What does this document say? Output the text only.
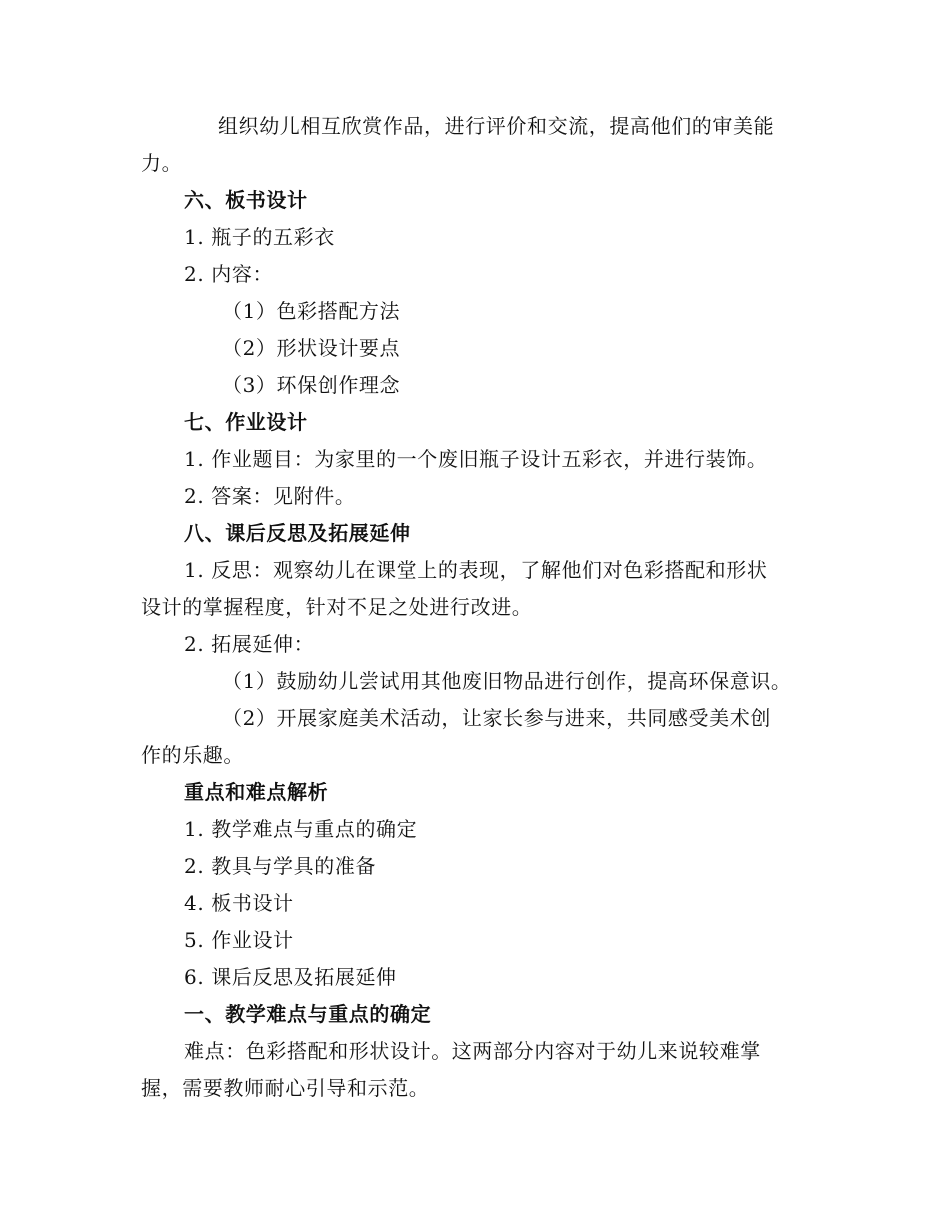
组织幼儿相互欣赏作品，进行评价和交流，提高他们的审美能
力。
六、板书设计
1. 瓶子的五彩衣
2. 内容：
（1）色彩搭配方法
（2）形状设计要点
（3）环保创作理念
七、作业设计
1. 作业题目：为家里的一个废旧瓶子设计五彩衣，并进行装饰。
2. 答案：见附件。
八、课后反思及拓展延伸
1. 反思：观察幼儿在课堂上的表现，了解他们对色彩搭配和形状
设计的掌握程度，针对不足之处进行改进。
2. 拓展延伸：
（1）鼓励幼儿尝试用其他废旧物品进行创作，提高环保意识。
（2）开展家庭美术活动，让家长参与进来，共同感受美术创
作的乐趣。
重点和难点解析
1. 教学难点与重点的确定
2. 教具与学具的准备
4. 板书设计
5. 作业设计
6. 课后反思及拓展延伸
一、教学难点与重点的确定
难点：色彩搭配和形状设计。这两部分内容对于幼儿来说较难掌
握，需要教师耐心引导和示范。
